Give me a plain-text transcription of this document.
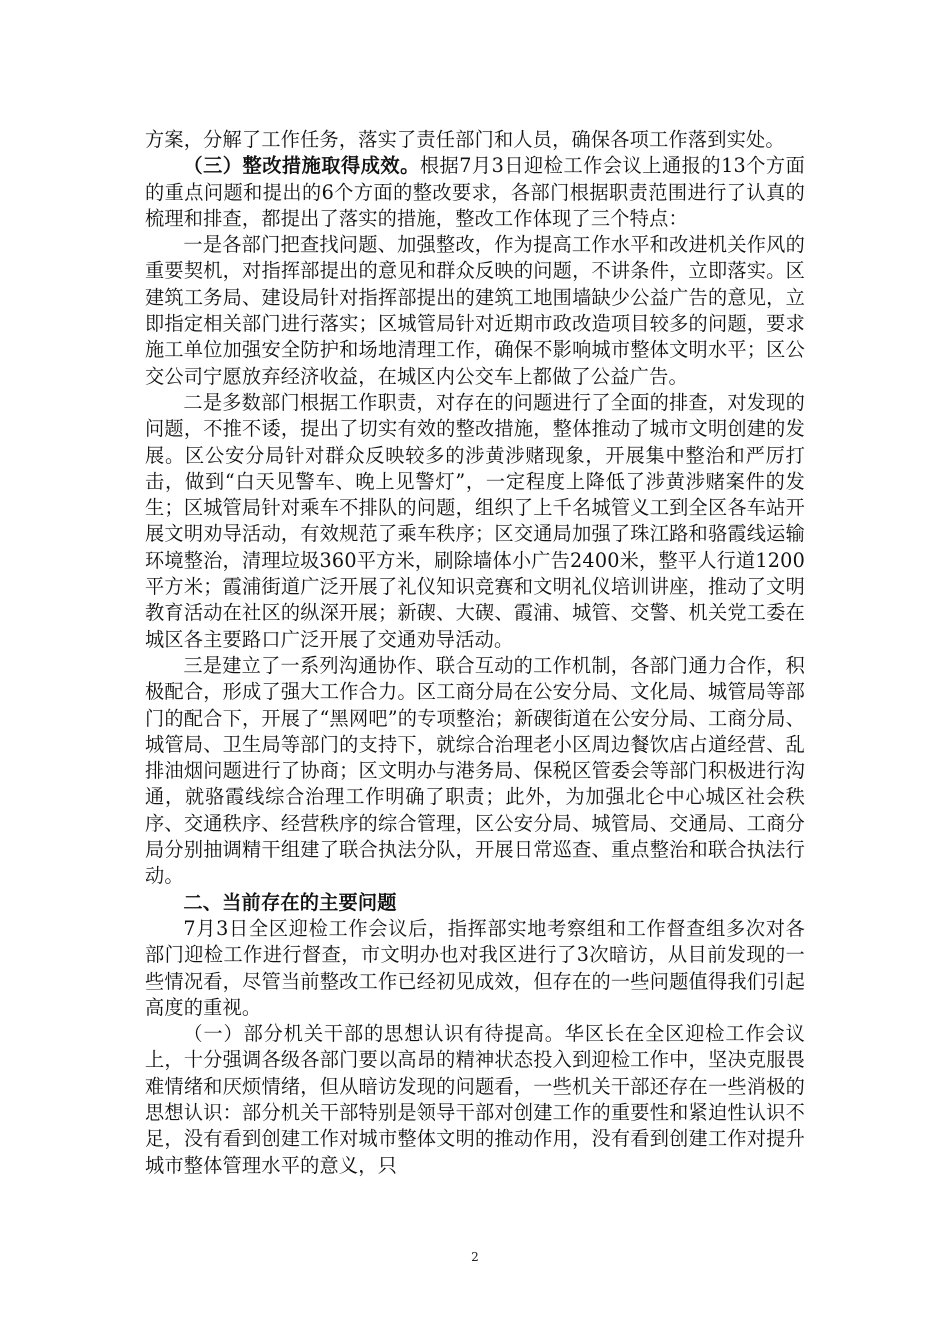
方案，分解了工作任务，落实了责任部门和人员，确保各项工作落到实处。

（三）整改措施取得成效。根据7月3日迎检工作会议上通报的13个方面的重点问题和提出的6个方面的整改要求，各部门根据职责范围进行了认真的梳理和排查，都提出了落实的措施，整改工作体现了三个特点：

一是各部门把查找问题、加强整改，作为提高工作水平和改进机关作风的重要契机，对指挥部提出的意见和群众反映的问题，不讲条件，立即落实。区建筑工务局、建设局针对指挥部提出的建筑工地围墙缺少公益广告的意见，立即指定相关部门进行落实；区城管局针对近期市政改造项目较多的问题，要求施工单位加强安全防护和场地清理工作，确保不影响城市整体文明水平；区公交公司宁愿放弃经济收益，在城区内公交车上都做了公益广告。

二是多数部门根据工作职责，对存在的问题进行了全面的排查，对发现的问题，不推不诿，提出了切实有效的整改措施，整体推动了城市文明创建的发展。区公安分局针对群众反映较多的涉黄涉赌现象，开展集中整治和严厉打击，做到“白天见警车、晚上见警灯”，一定程度上降低了涉黄涉赌案件的发生；区城管局针对乘车不排队的问题，组织了上千名城管义工到全区各车站开展文明劝导活动，有效规范了乘车秩序；区交通局加强了珠江路和骆霞线运输环境整治，清理垃圾360平方米，刷除墙体小广告2400米，整平人行道1200平方米；霞浦街道广泛开展了礼仪知识竞赛和文明礼仪培训讲座，推动了文明教育活动在社区的纵深开展；新碶、大碶、霞浦、城管、交警、机关党工委在城区各主要路口广泛开展了交通劝导活动。

三是建立了一系列沟通协作、联合互动的工作机制，各部门通力合作，积极配合，形成了强大工作合力。区工商分局在公安分局、文化局、城管局等部门的配合下，开展了“黑网吧”的专项整治；新碶街道在公安分局、工商分局、城管局、卫生局等部门的支持下，就综合治理老小区周边餐饮店占道经营、乱排油烟问题进行了协商；区文明办与港务局、保税区管委会等部门积极进行沟通，就骆霞线综合治理工作明确了职责；此外，为加强北仑中心城区社会秩序、交通秩序、经营秩序的综合管理，区公安分局、城管局、交通局、工商分局分别抽调精干组建了联合执法分队，开展日常巡查、重点整治和联合执法行动。

二、当前存在的主要问题

7月3日全区迎检工作会议后，指挥部实地考察组和工作督查组多次对各部门迎检工作进行督查，市文明办也对我区进行了3次暗访，从目前发现的一些情况看，尽管当前整改工作已经初见成效，但存在的一些问题值得我们引起高度的重视。

（一）部分机关干部的思想认识有待提高。华区长在全区迎检工作会议上，十分强调各级各部门要以高昂的精神状态投入到迎检工作中，坚决克服畏难情绪和厌烦情绪，但从暗访发现的问题看，一些机关干部还存在一些消极的思想认识：部分机关干部特别是领导干部对创建工作的重要性和紧迫性认识不足，没有看到创建工作对城市整体文明的推动作用，没有看到创建工作对提升城市整体管理水平的意义，只

2
